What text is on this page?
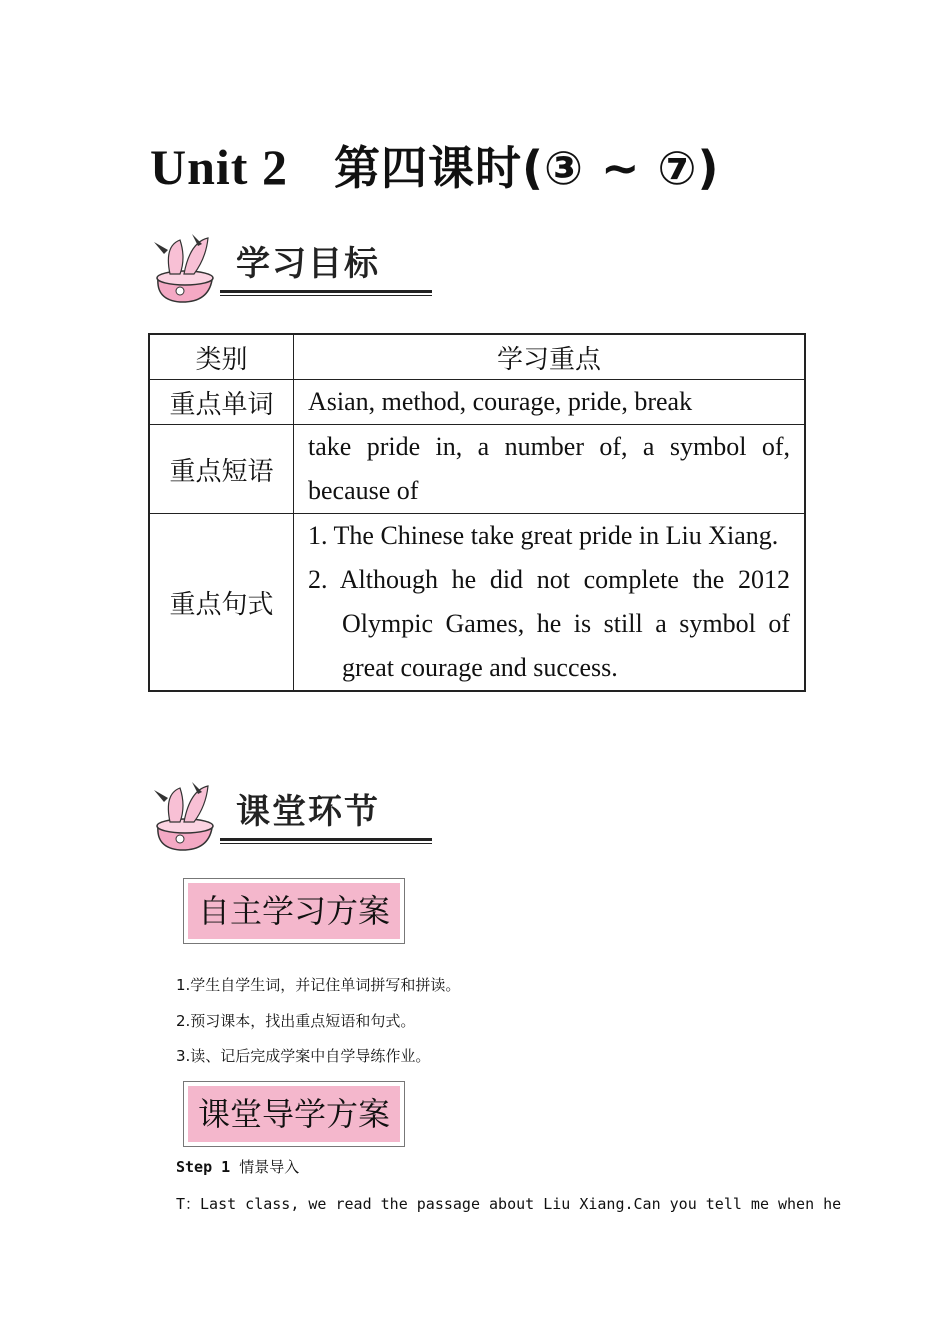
Unit 2 第四课时(③ ~ ⑦)
学习目标
类别	学习重点
重点单词	Asian, method, courage, pride, break
重点短语	take pride in, a number of, a symbol of, because of
重点句式	1. The Chinese take great pride in Liu Xiang.
2. Although he did not complete the 2012 Olympic Games, he is still a symbol of great courage and success.
课堂环节
自主学习方案
1.学生自学生词，并记住单词拼写和拼读。
2.预习课本，找出重点短语和句式。
3.读、记后完成学案中自学导练作业。
课堂导学方案
Step 1 情景导入
T：Last class, we read the passage about Liu Xiang.Can you tell me when he
